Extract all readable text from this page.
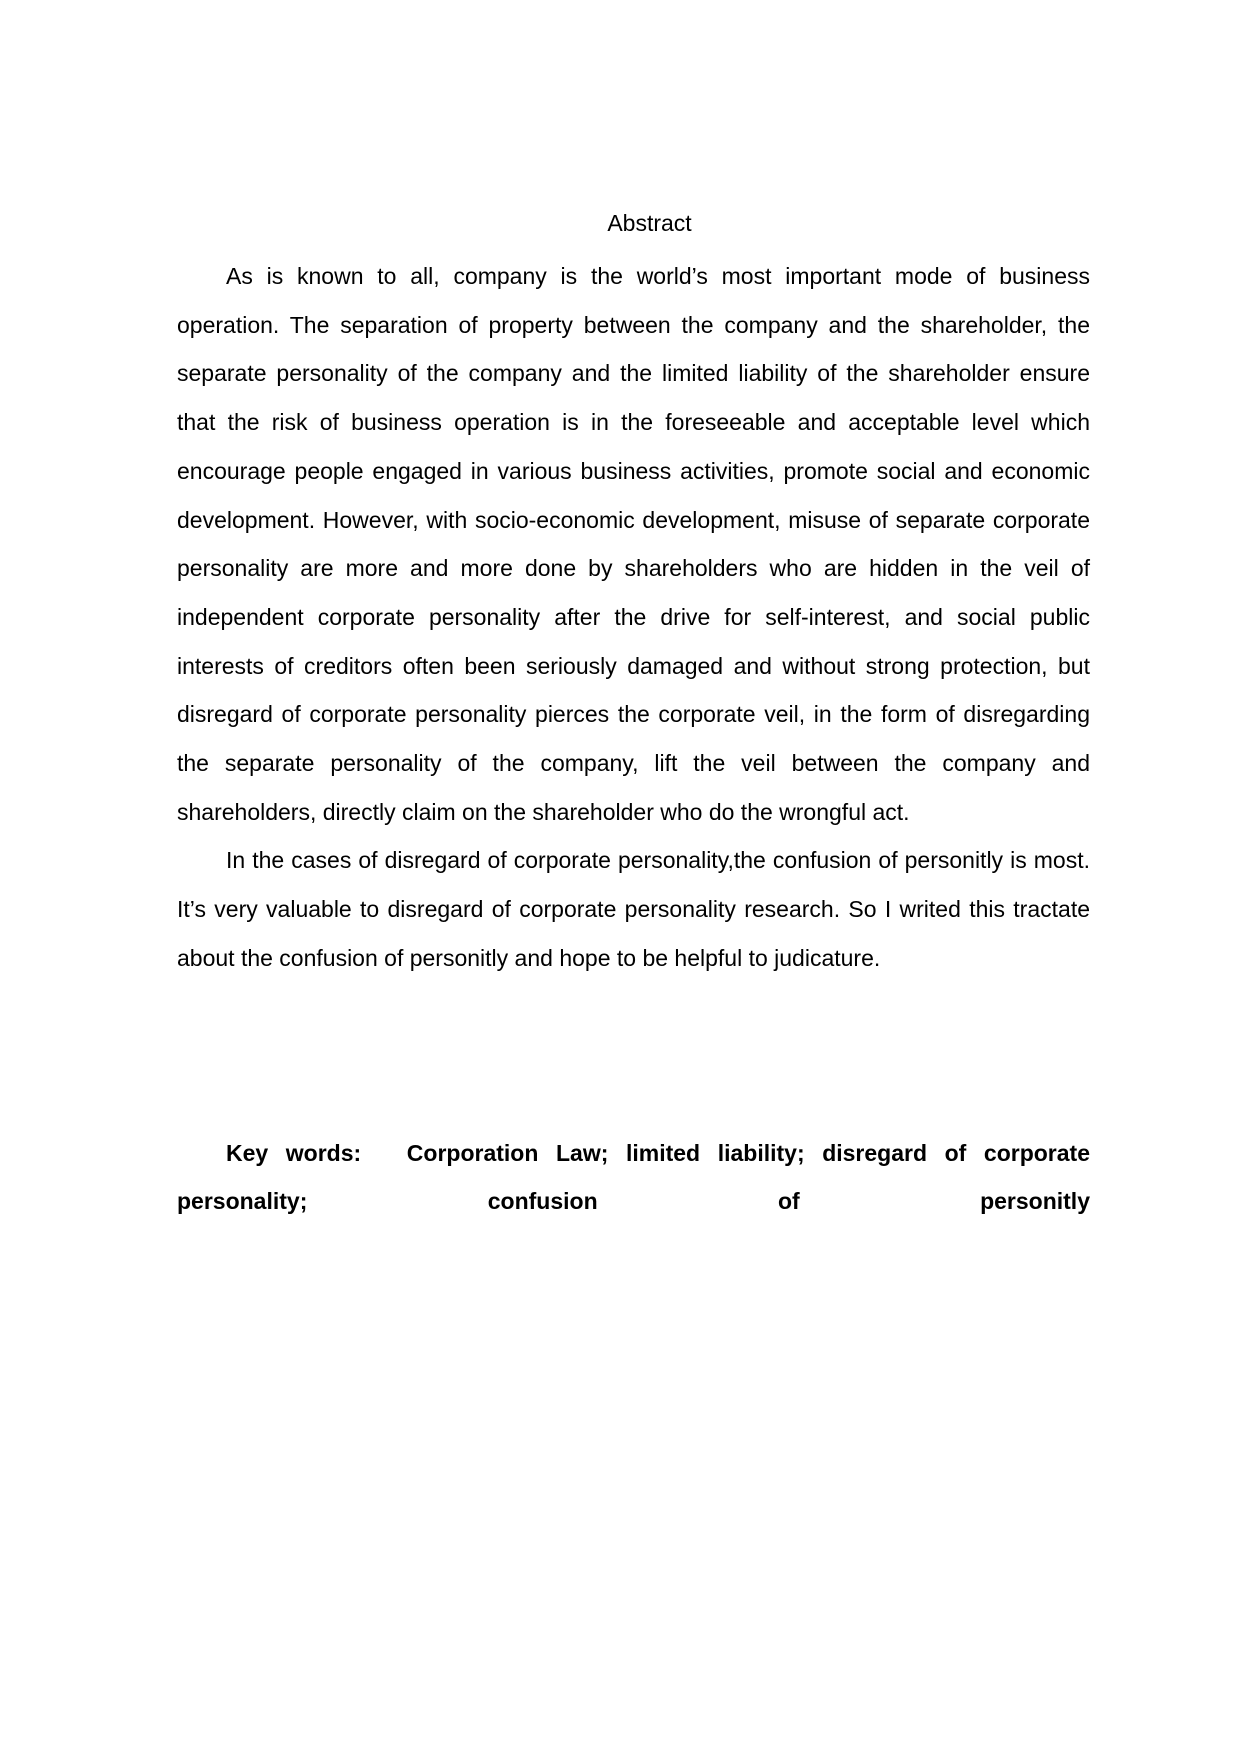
Abstract

As is known to all, company is the world’s most important mode of business operation. The separation of property between the company and the shareholder, the separate personality of the company and the limited liability of the shareholder ensure that the risk of business operation is in the foreseeable and acceptable level which encourage people engaged in various business activities, promote social and economic development. However, with socio-economic development, misuse of separate corporate personality are more and more done by shareholders who are hidden in the veil of independent corporate personality after the drive for self-interest, and social public interests of creditors often been seriously damaged and without strong protection, but disregard of corporate personality pierces the corporate veil, in the form of disregarding the separate personality of the company, lift the veil between the company and shareholders, directly claim on the shareholder who do the wrongful act.

In the cases of disregard of corporate personality,the confusion of personitly is most. It’s very valuable to disregard of corporate personality research. So I writed this tractate about the confusion of personitly and hope to be helpful to judicature.

Key words: Corporation Law; limited liability; disregard of corporate personality; confusion of personitly
